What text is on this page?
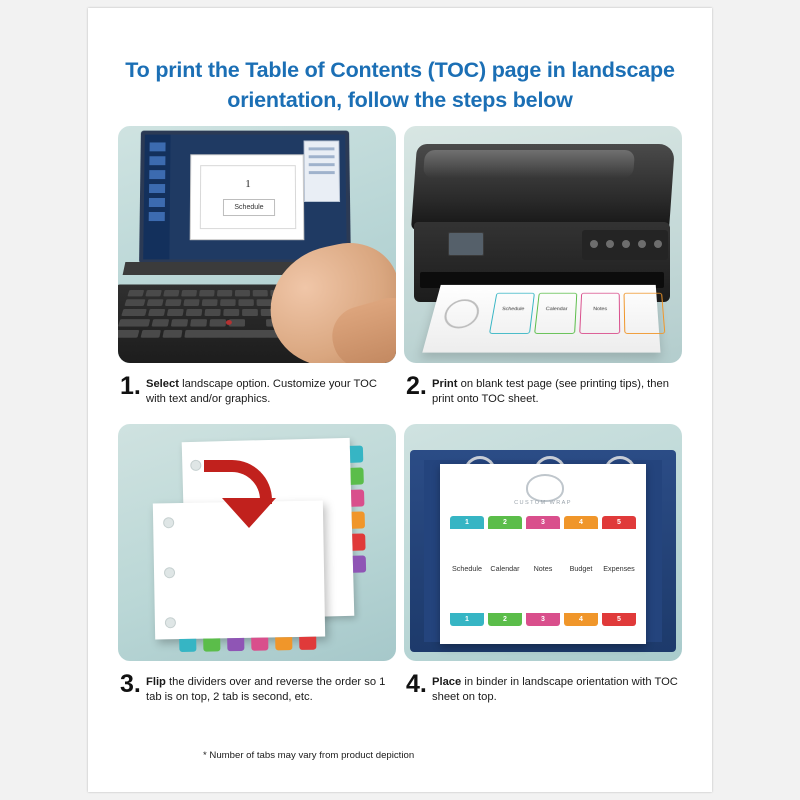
To print the Table of Contents (TOC) page in landscape orientation, follow the steps below
1
Schedule
1. Select landscape option. Customize your TOC with text and/or graphics.
Schedule	Calendar	Notes
2. Print on blank test page (see printing tips), then print onto TOC sheet.
3. Flip the dividers over and reverse the order so 1 tab is on top, 2 tab is second, etc.
CUSTOM WRAP
1
Schedule
1
2
Calendar
2
3
Notes
3
4
Budget
4
5
Expenses
5
4. Place in binder in landscape orientation with TOC sheet on top.
* Number of tabs may vary from product depiction
